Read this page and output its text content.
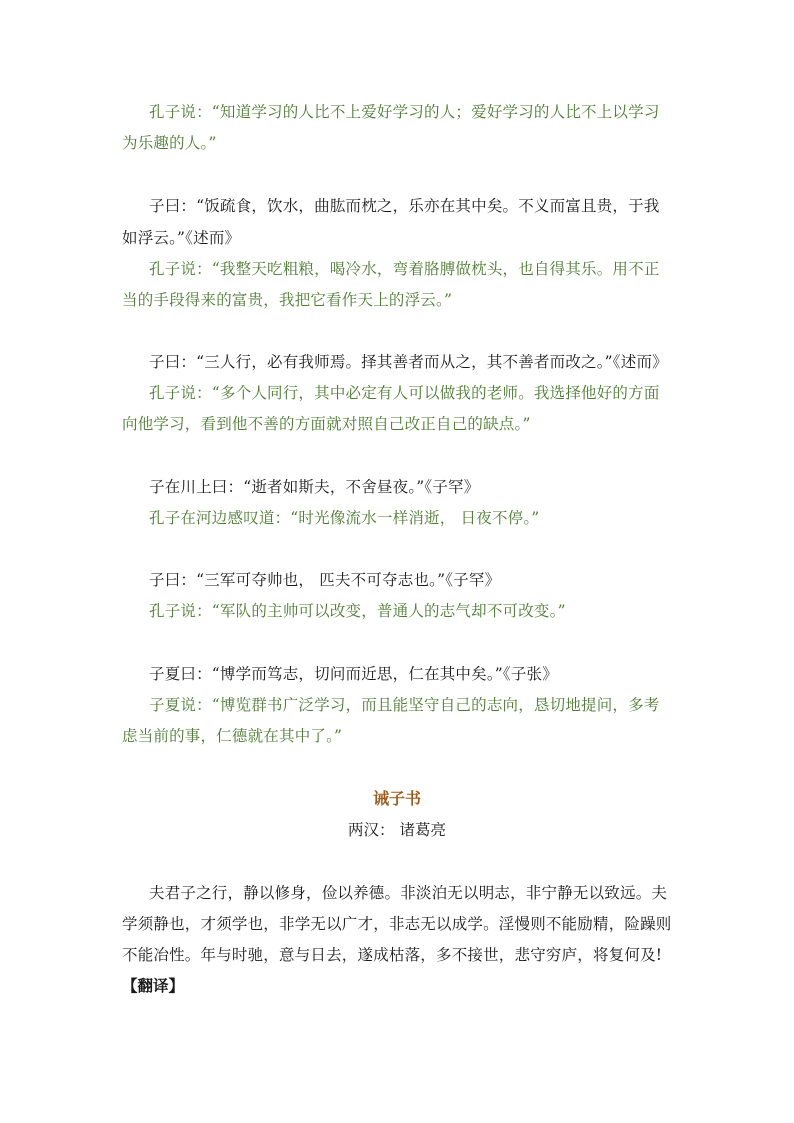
孔子说：“知道学习的人比不上爱好学习的人；爱好学习的人比不上以学习
为乐趣的人。”
子曰：“饭疏食，饮水，曲肱而枕之，乐亦在其中矣。不义而富且贵，于我
如浮云。”《述而》
孔子说：“我整天吃粗粮，喝冷水，弯着胳膊做枕头，也自得其乐。用不正
当的手段得来的富贵，我把它看作天上的浮云。”
子曰：“三人行，必有我师焉。择其善者而从之，其不善者而改之。”《述而》
孔子说：“多个人同行，其中必定有人可以做我的老师。我选择他好的方面
向他学习，看到他不善的方面就对照自己改正自己的缺点。”
子在川上曰：“逝者如斯夫，不舍昼夜。”《子罕》
孔子在河边感叹道：“时光像流水一样消逝， 日夜不停。”
子曰：“三军可夺帅也， 匹夫不可夺志也。”《子罕》
孔子说：“军队的主帅可以改变，普通人的志气却不可改变。”
子夏曰：“博学而笃志，切问而近思，仁在其中矣。”《子张》
子夏说：“博览群书广泛学习，而且能坚守自己的志向，恳切地提问，多考
虑当前的事，仁德就在其中了。”
诫子书
两汉： 诸葛亮
夫君子之行，静以修身，俭以养德。非淡泊无以明志，非宁静无以致远。夫
学须静也，才须学也，非学无以广才，非志无以成学。淫慢则不能励精，险躁则
不能冶性。年与时驰，意与日去，遂成枯落，多不接世，悲守穷庐，将复何及!
【翻译】
